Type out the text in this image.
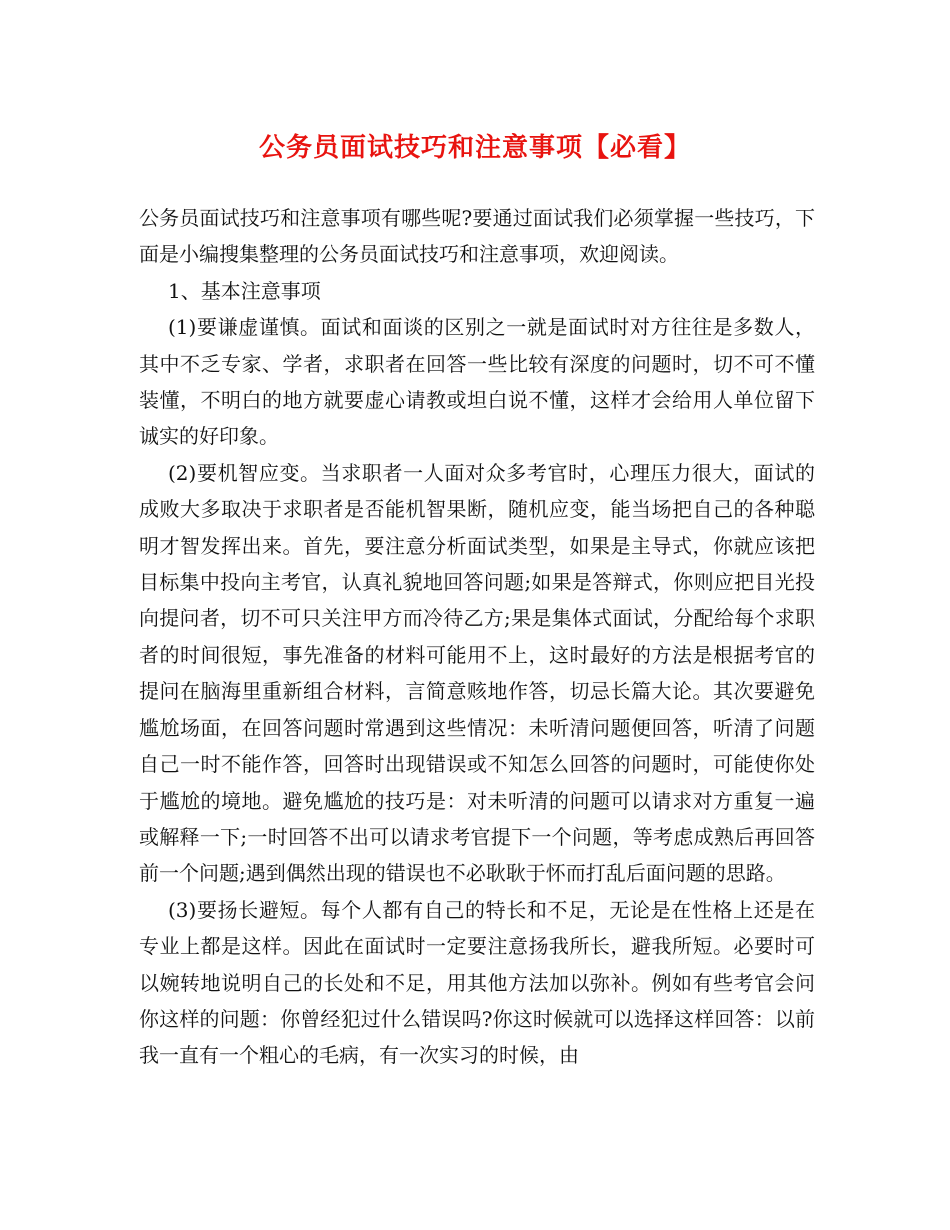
公务员面试技巧和注意事项【必看】

公务员面试技巧和注意事项有哪些呢?要通过面试我们必须掌握一些技巧，下面是小编搜集整理的公务员面试技巧和注意事项，欢迎阅读。

1、基本注意事项

(1)要谦虚谨慎。面试和面谈的区别之一就是面试时对方往往是多数人，其中不乏专家、学者，求职者在回答一些比较有深度的问题时，切不可不懂装懂，不明白的地方就要虚心请教或坦白说不懂，这样才会给用人单位留下诚实的好印象。

(2)要机智应变。当求职者一人面对众多考官时，心理压力很大，面试的成败大多取决于求职者是否能机智果断，随机应变，能当场把自己的各种聪明才智发挥出来。首先，要注意分析面试类型，如果是主导式，你就应该把目标集中投向主考官，认真礼貌地回答问题;如果是答辩式，你则应把目光投向提问者，切不可只关注甲方而冷待乙方;果是集体式面试，分配给每个求职者的时间很短，事先准备的材料可能用不上，这时最好的方法是根据考官的提问在脑海里重新组合材料，言简意赅地作答，切忌长篇大论。其次要避免尴尬场面，在回答问题时常遇到这些情况：未听清问题便回答，听清了问题自己一时不能作答，回答时出现错误或不知怎么回答的问题时，可能使你处于尴尬的境地。避免尴尬的技巧是：对未听清的问题可以请求对方重复一遍或解释一下;一时回答不出可以请求考官提下一个问题，等考虑成熟后再回答前一个问题;遇到偶然出现的错误也不必耿耿于怀而打乱后面问题的思路。

(3)要扬长避短。每个人都有自己的特长和不足，无论是在性格上还是在专业上都是这样。因此在面试时一定要注意扬我所长，避我所短。必要时可以婉转地说明自己的长处和不足，用其他方法加以弥补。例如有些考官会问你这样的问题：你曾经犯过什么错误吗?你这时候就可以选择这样回答：以前我一直有一个粗心的毛病，有一次实习的时候，由
